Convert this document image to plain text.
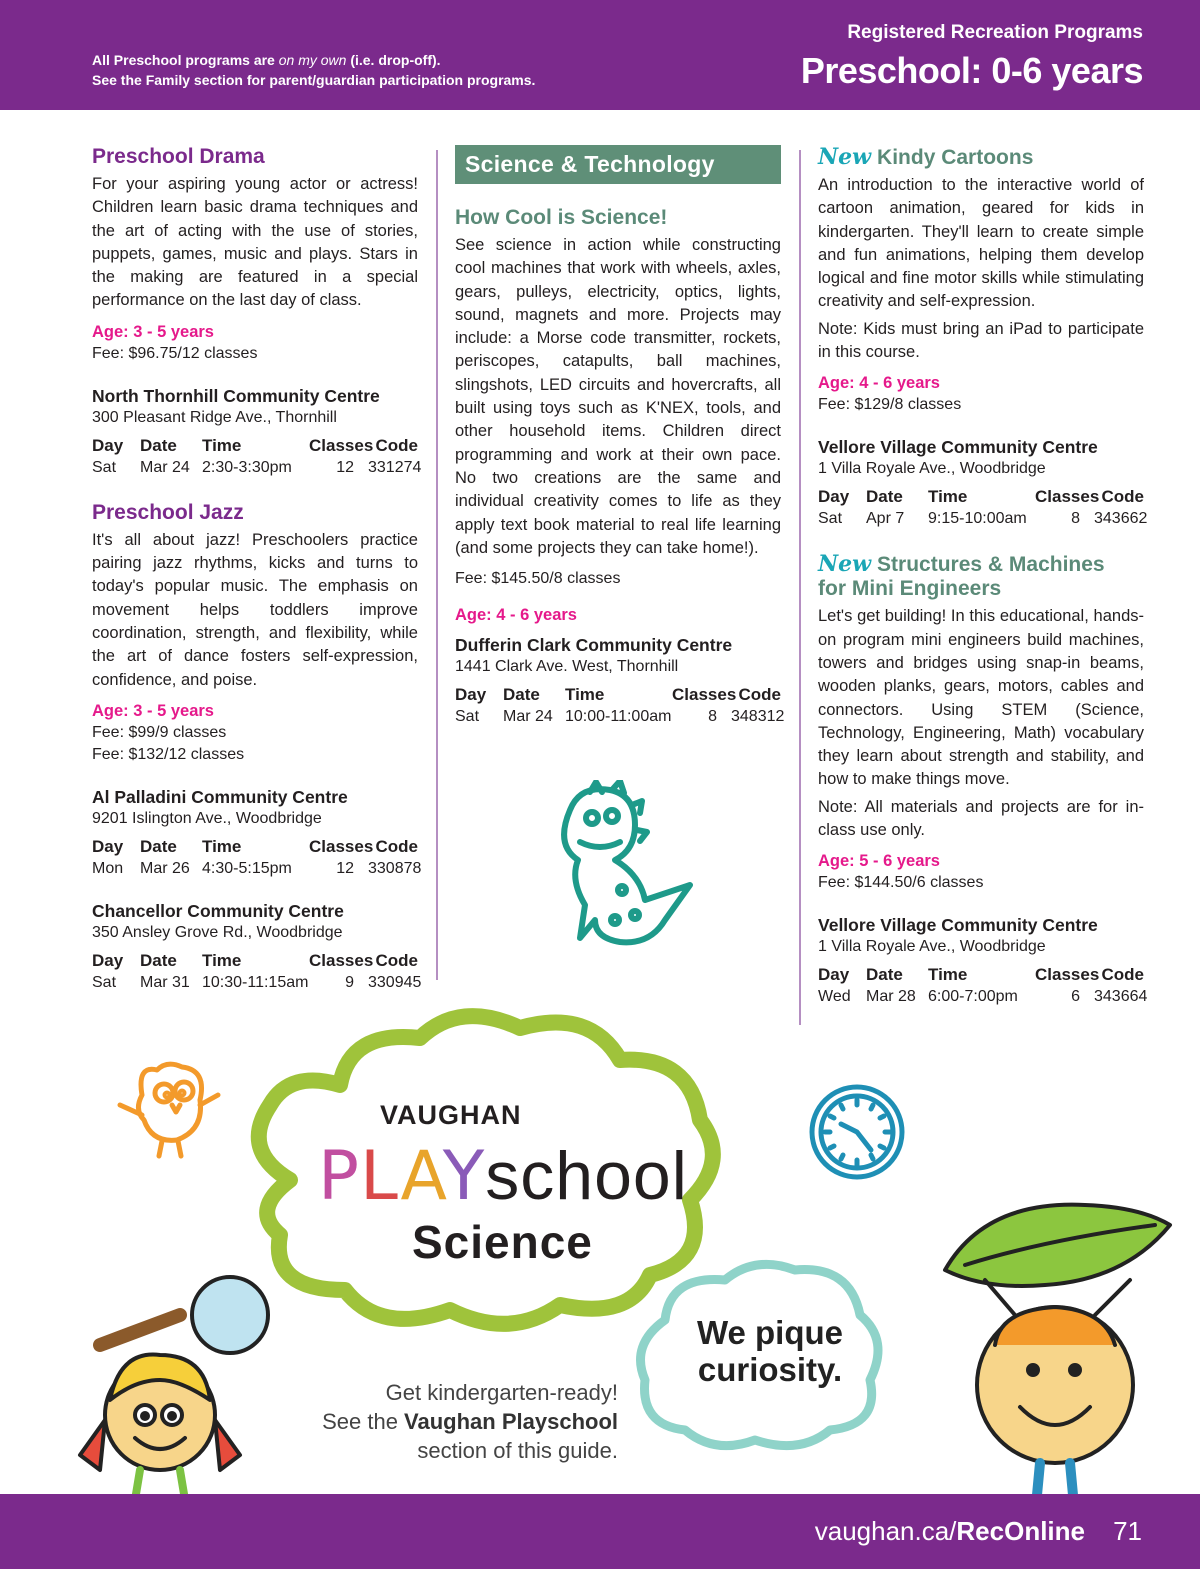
All Preschool programs are on my own (i.e. drop-off).
See the Family section for parent/guardian participation programs.
Registered Recreation Programs
Preschool: 0-6 years
Preschool Drama

For your aspiring young actor or actress! Children learn basic drama techniques and the art of acting with the use of stories, puppets, games, music and plays. Stars in the making are featured in a special performance on the last day of class.

Age: 3 - 5 years
Fee: $96.75/12 classes
North Thornhill Community Centre
300 Pleasant Ridge Ave., Thornhill
Day Date	Time	Classes Code
Sat	Mar 24 2:30-3:30pm	12 331274
Preschool Jazz

It's all about jazz! Preschoolers practice pairing jazz rhythms, kicks and turns to today's popular music. The emphasis on movement helps toddlers improve coordination, strength, and flexibility, while the art of dance fosters self-expression, confidence, and poise.

Age: 3 - 5 years
Fee: $99/9 classes
Fee: $132/12 classes
Al Palladini Community Centre
9201 Islington Ave., Woodbridge
Day Date	Time	Classes Code
Mon	Mar 26 4:30-5:15pm	12 330878
Chancellor Community Centre
350 Ansley Grove Rd., Woodbridge
Day Date	Time	Classes Code
Sat	Mar 31 10:30-11:15am	9 330945
Science & Technology
How Cool is Science!

See science in action while constructing cool machines that work with wheels, axles, gears, pulleys, electricity, optics, lights, sound, magnets and more. Projects may include: a Morse code transmitter, rockets, periscopes, catapults, ball machines, slingshots, LED circuits and hovercrafts, all built using toys such as K'NEX, tools, and other household items. Children direct programming and work at their own pace. No two creations are the same and individual creativity comes to life as they apply text book material to real life learning (and some projects they can take home!).

Fee: $145.50/8 classes
Age: 4 - 6 years
Dufferin Clark Community Centre
1441 Clark Ave. West, Thornhill
Day Date	Time	Classes Code
Sat	Mar 24 10:00-11:00am	8 348312
New Kindy Cartoons

An introduction to the interactive world of cartoon animation, geared for kids in kindergarten. They'll learn to create simple and fun animations, helping them develop logical and fine motor skills while stimulating creativity and self-expression.

Note: Kids must bring an iPad to participate in this course.

Age: 4 - 6 years
Fee: $129/8 classes
Vellore Village Community Centre
1 Villa Royale Ave., Woodbridge
Day Date	Time	Classes Code
Sat	Apr 7	9:15-10:00am	8 343662
New Structures & Machines
for Mini Engineers

Let's get building! In this educational, hands-on program mini engineers build machines, towers and bridges using snap-in beams, wooden planks, gears, motors, cables and connectors. Using STEM (Science, Technology, Engineering, Math) vocabulary they learn about strength and stability, and how to make things move.

Note: All materials and projects are for in-class use only.

Age: 5 - 6 years
Fee: $144.50/6 classes
Vellore Village Community Centre
1 Villa Royale Ave., Woodbridge
Day Date	Time	Classes Code
Wed Mar 28 6:00-7:00pm	6 343664
VAUGHAN
PLAYschool
Science
We pique curiosity.
Get kindergarten-ready!
See the Vaughan Playschool
section of this guide.
vaughan.ca/RecOnline 71
